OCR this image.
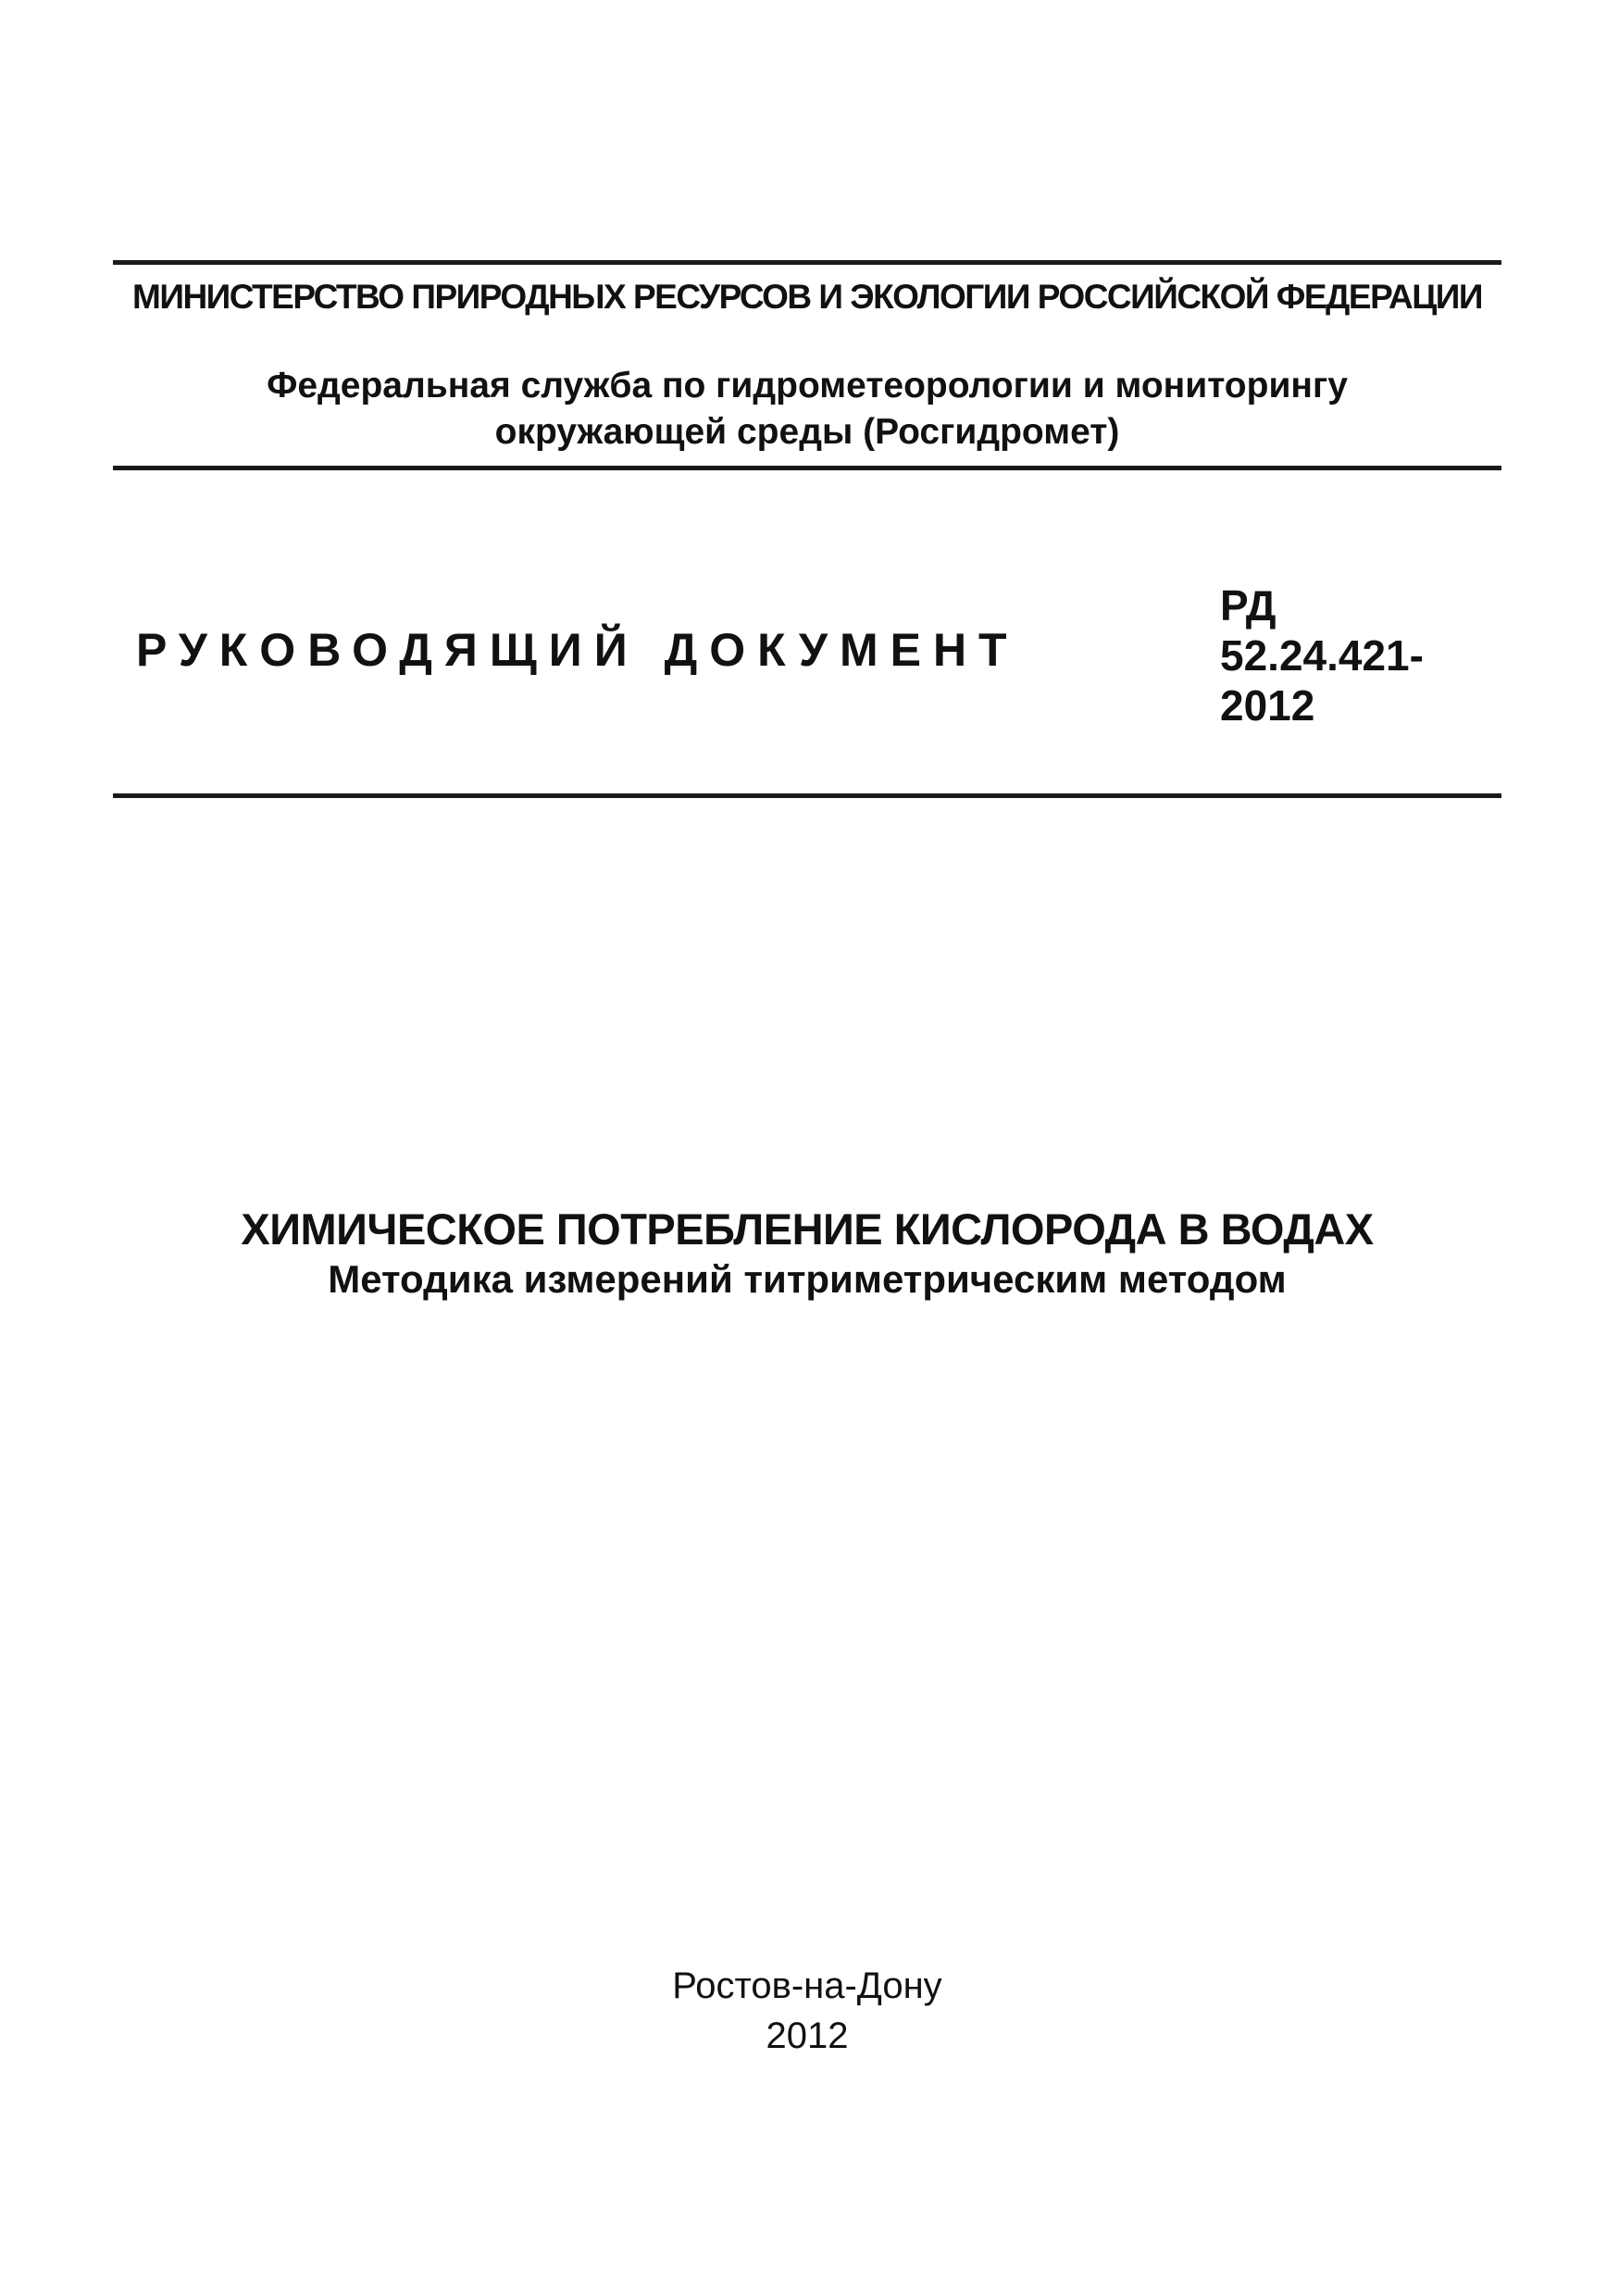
МИНИСТЕРСТВО ПРИРОДНЫХ РЕСУРСОВ И ЭКОЛОГИИ РОССИЙСКОЙ ФЕДЕРАЦИИ
Федеральная служба по гидрометеорологии и мониторингу
окружающей среды (Росгидромет)
РУКОВОДЯЩИЙ ДОКУМЕНТ
РД
52.24.421-
2012
ХИМИЧЕСКОЕ ПОТРЕБЛЕНИЕ КИСЛОРОДА В ВОДАХ
Методика измерений титриметрическим методом
Ростов-на-Дону
2012
